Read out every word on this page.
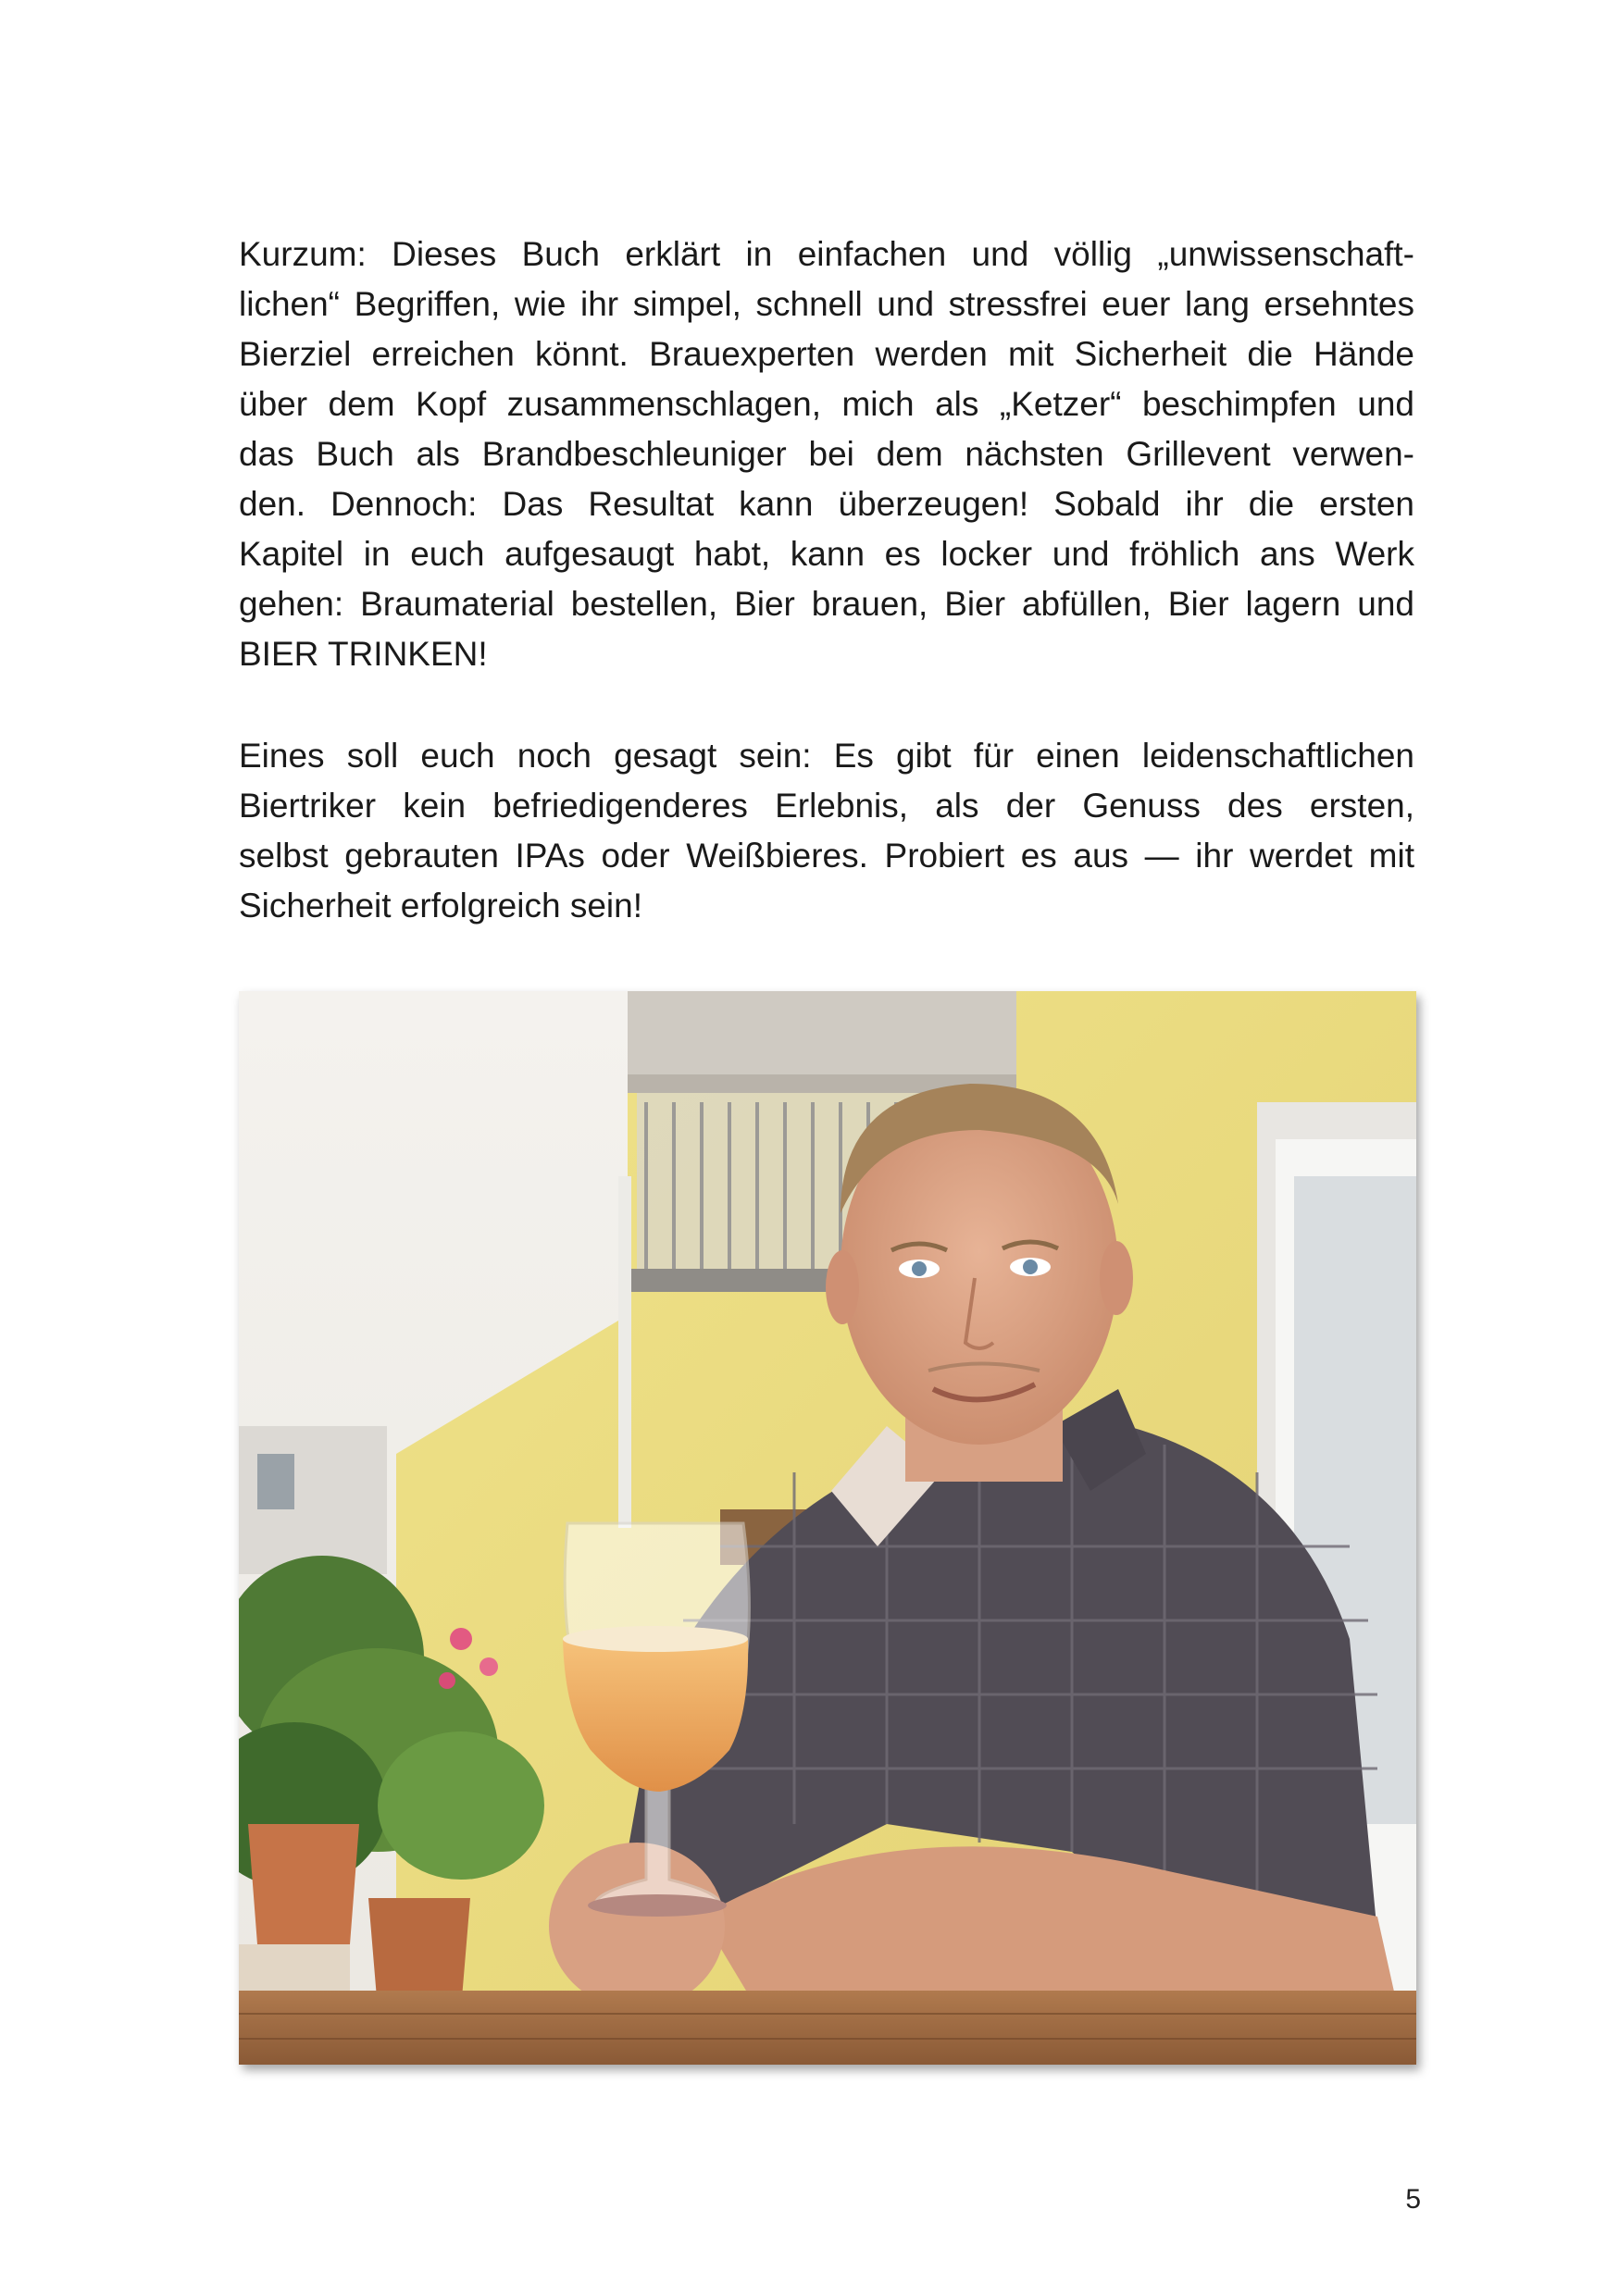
Kurzum: Dieses Buch erklärt in einfachen und völlig „unwissenschaft-
lichen“ Begriffen, wie ihr simpel, schnell und stressfrei euer lang ersehntes
Bierziel erreichen könnt. Brauexperten werden mit Sicherheit die Hände
über dem Kopf zusammenschlagen, mich als „Ketzer“ beschimpfen und
das Buch als Brandbeschleuniger bei dem nächsten Grillevent verwen-
den. Dennoch: Das Resultat kann überzeugen! Sobald ihr die ersten
Kapitel in euch aufgesaugt habt, kann es locker und fröhlich ans Werk
gehen: Braumaterial bestellen, Bier brauen, Bier abfüllen, Bier lagern und
BIER TRINKEN!
Eines soll euch noch gesagt sein: Es gibt für einen leidenschaftlichen
Biertriker kein befriedigenderes Erlebnis, als der Genuss des ersten,
selbst gebrauten IPAs oder Weißbieres. Probiert es aus — ihr werdet mit
Sicherheit erfolgreich sein!
5
